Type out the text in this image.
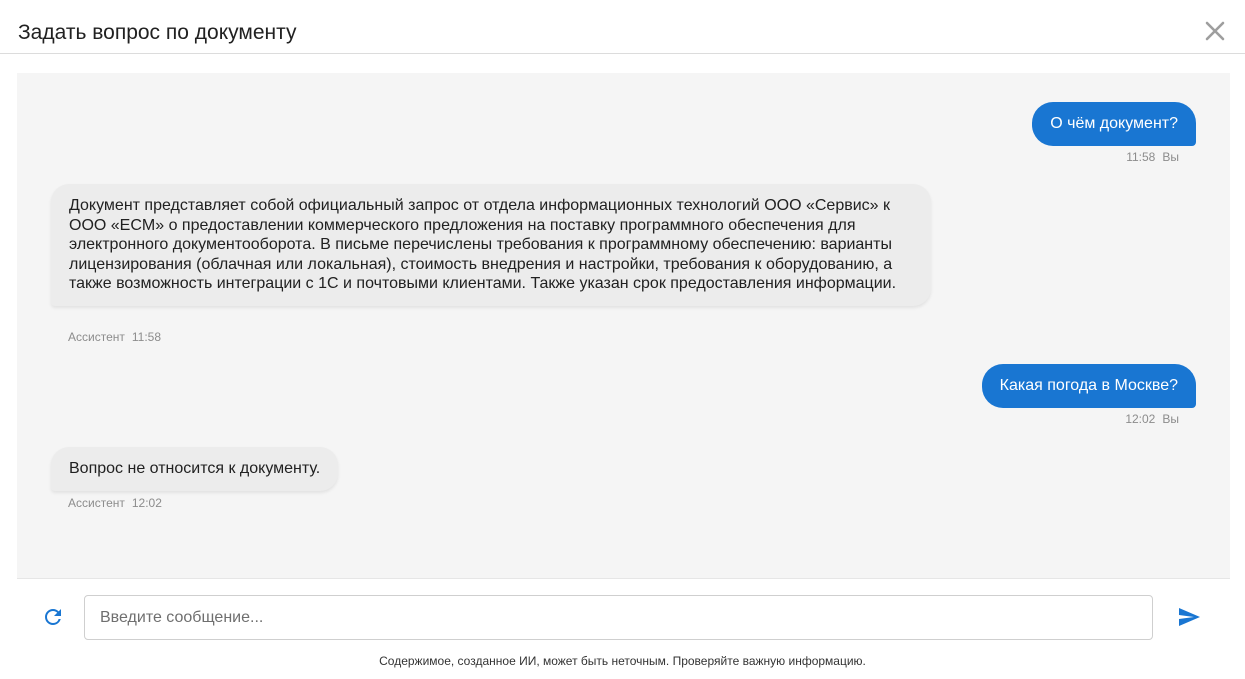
Задать вопрос по документу
О чём документ?
11:58 Вы
Документ представляет собой официальный запрос от отдела информационных технологий ООО «Сервис» к ООО «ECM» о предоставлении коммерческого предложения на поставку программного обеспечения для электронного документооборота. В письме перечислены требования к программному обеспечению: варианты лицензирования (облачная или локальная), стоимость внедрения и настройки, требования к оборудованию, а также возможность интеграции с 1С и почтовыми клиентами. Также указан срок предоставления информации.
Ассистент 11:58
Какая погода в Москве?
12:02 Вы
Вопрос не относится к документу.
Ассистент 12:02
Введите сообщение...
Содержимое, созданное ИИ, может быть неточным. Проверяйте важную информацию.
